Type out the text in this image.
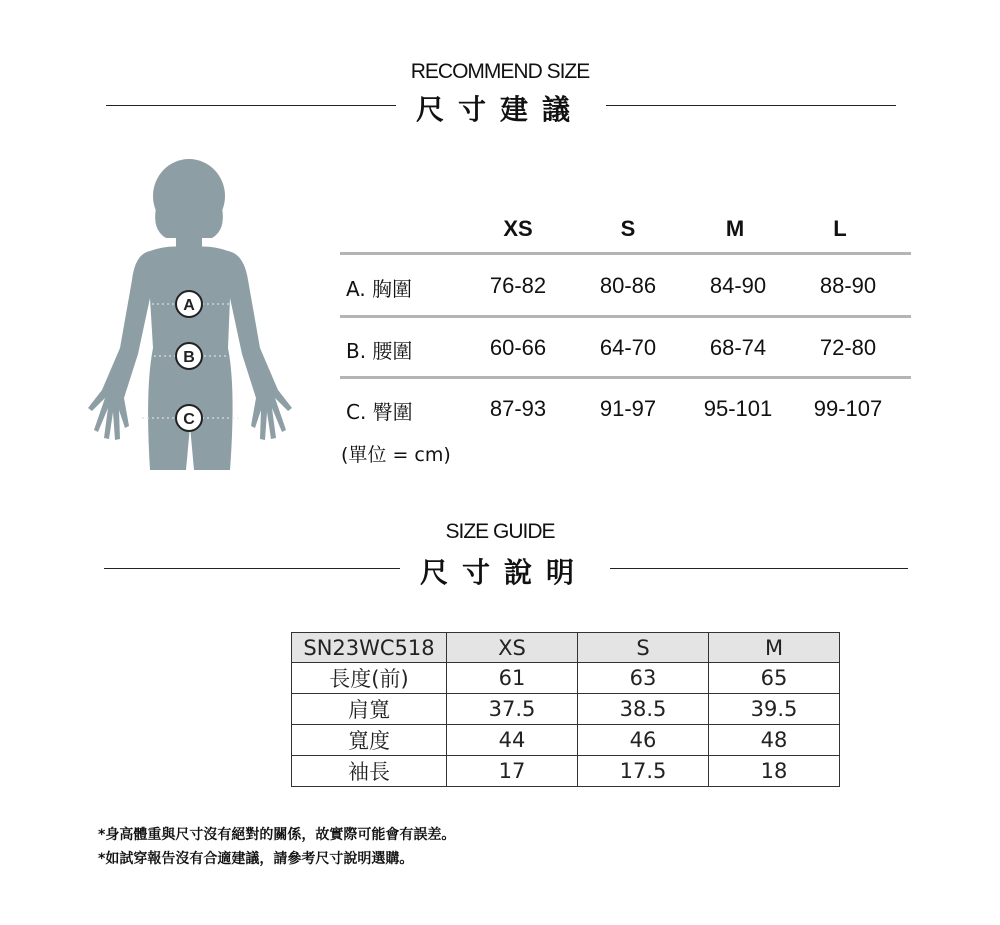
RECOMMEND SIZE
尺寸建議
A
B
C
XS	S	M	L
A. 胸圍	76-82	80-86	84-90	88-90
B. 腰圍	60-66	64-70	68-74	72-80
C. 臀圍	87-93	91-97	95-101	99-107
(單位 = cm)
SIZE GUIDE
尺寸說明
SN23WC518	XS	S	M
長度(前)	61	63	65
肩寬	37.5	38.5	39.5
寬度	44	46	48
袖長	17	17.5	18
*身高體重與尺寸沒有絕對的關係，故實際可能會有誤差。
*如試穿報告沒有合適建議，請參考尺寸說明選購。
